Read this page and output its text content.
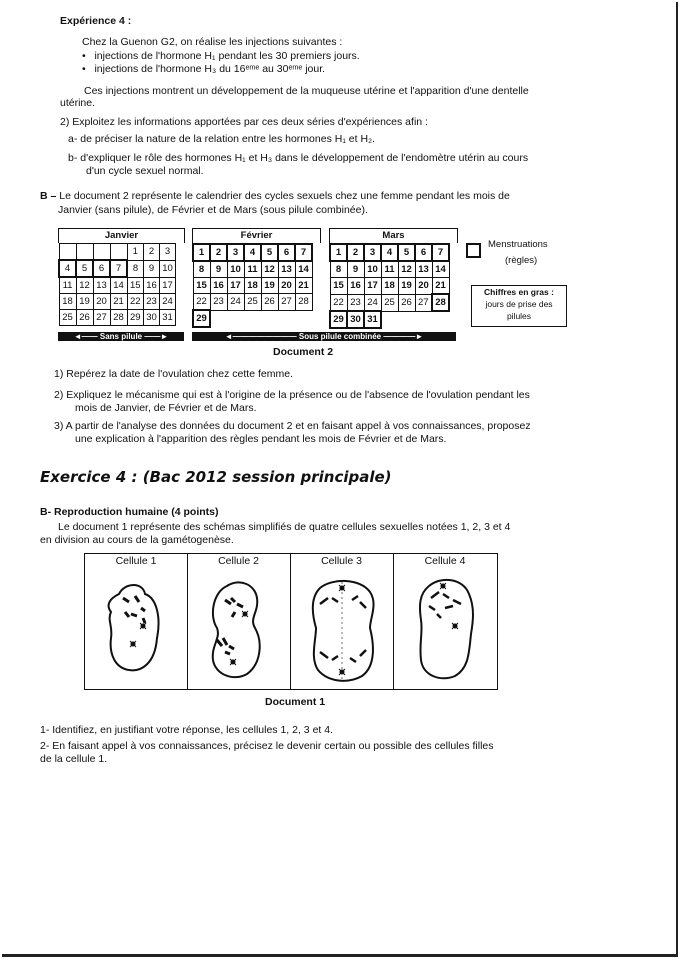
Expérience 4 :
Chez la Guenon G2, on réalise les injections suivantes :
•   injections de l'hormone H₁ pendant les 30 premiers jours.
•   injections de l'hormone H₃ du 16ᵉᵐᵉ au 30ᵉᵐᵉ jour.
Ces injections montrent un développement de la muqueuse utérine et l'apparition d'une dentelle
utérine.
2) Exploitez les informations apportées par ces deux séries d'expériences afin :
a- de préciser la nature de la relation entre les hormones H₁ et H₂.
b- d'expliquer le rôle des hormones H₁ et H₃ dans le développement de l'endomètre utérin au cours
d'un cycle sexuel normal.
B – Le document 2 représente le calendrier des cycles sexuels chez une femme pendant les mois de
Janvier (sans pilule), de Février et de Mars (sous pilule combinée).
Janvier	Février	Mars
				1	2	3
4	5	6	7	8	9	10
11	12	13	14	15	16	17
18	19	20	21	22	23	24
25	26	27	28	29	30	31
1	2	3	4	5	6	7
8	9	10	11	12	13	14
15	16	17	18	19	20	21
22	23	24	25	26	27	28
29						
1	2	3	4	5	6	7
8	9	10	11	12	13	14
15	16	17	18	19	20	21
22	23	24	25	26	27	28
29	30	31				
Menstruations
(règles)
Chiffres en gras :
jours de prise des
pilules
◄—— Sans pilule ——►	◄———————— Sous pilule combinée ————►
Document 2
1) Repérez la date de l'ovulation chez cette femme.
2) Expliquez le mécanisme qui est à l'origine de la présence ou de l'absence de l'ovulation pendant les
mois de Janvier, de Février et de Mars.
3) A partir de l'analyse des données du document 2 et en faisant appel à vos connaissances, proposez
une explication à l'apparition des règles pendant les mois de Février et de Mars.
Exercice 4 : (Bac 2012 session principale)
B- Reproduction humaine (4 points)
Le document 1 représente des schémas simplifiés de quatre cellules sexuelles notées 1, 2, 3 et 4
en division au cours de la gamétogenèse.
Cellule 1	Cellule 2	Cellule 3	Cellule 4
Document 1
1- Identifiez, en justifiant votre réponse, les cellules 1, 2, 3 et 4.
2- En faisant appel à vos connaissances, précisez le devenir certain ou possible des cellules filles
de la cellule 1.
